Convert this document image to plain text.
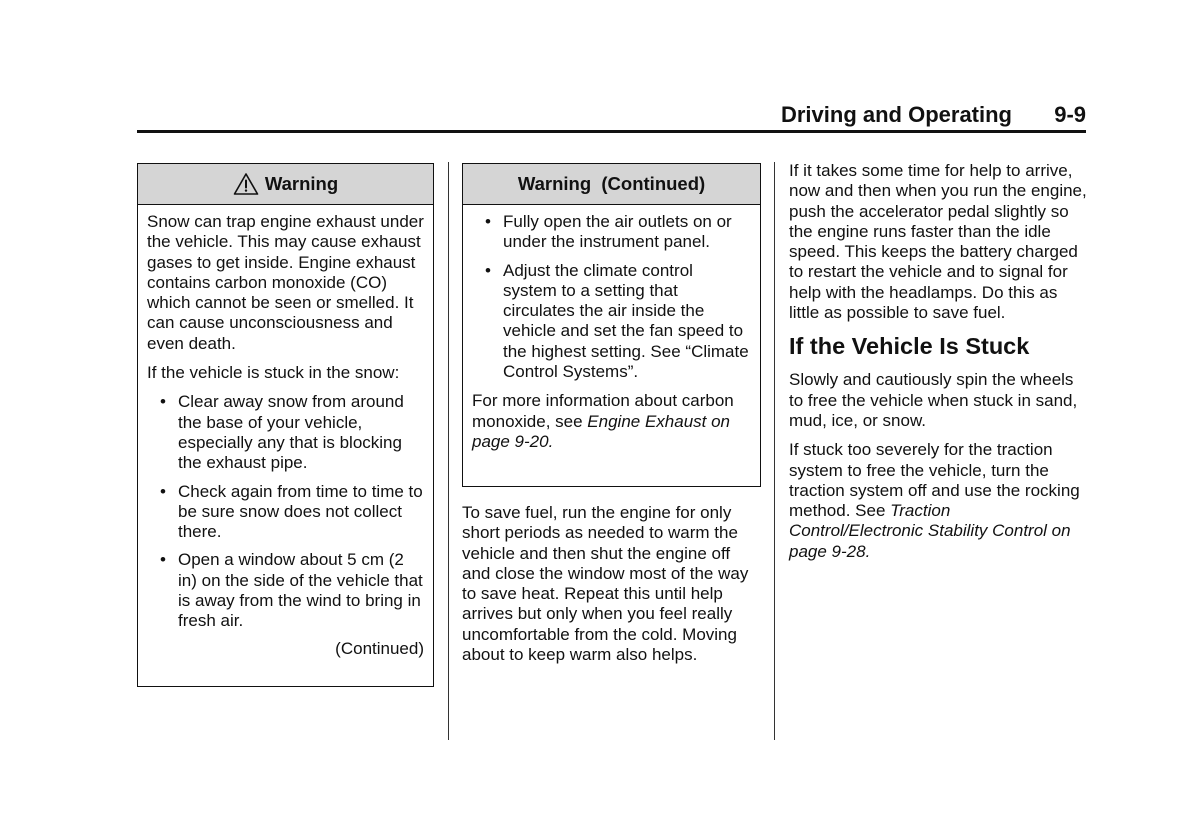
Driving and Operating 9-9
Warning

Snow can trap engine exhaust under the vehicle. This may cause exhaust gases to get inside. Engine exhaust contains carbon monoxide (CO) which cannot be seen or smelled. It can cause unconsciousness and even death.

If the vehicle is stuck in the snow:

• Clear away snow from around the base of your vehicle, especially any that is blocking the exhaust pipe.
• Check again from time to time to be sure snow does not collect there.
• Open a window about 5 cm (2 in) on the side of the vehicle that is away from the wind to bring in fresh air.
(Continued)
Warning  (Continued)
• Fully open the air outlets on or under the instrument panel.
• Adjust the climate control system to a setting that circulates the air inside the vehicle and set the fan speed to the highest setting. See “Climate Control Systems”.

For more information about carbon monoxide, see Engine Exhaust on page 9-20.

To save fuel, run the engine for only short periods as needed to warm the vehicle and then shut the engine off and close the window most of the way to save heat. Repeat this until help arrives but only when you feel really uncomfortable from the cold. Moving about to keep warm also helps.

If it takes some time for help to arrive, now and then when you run the engine, push the accelerator pedal slightly so the engine runs faster than the idle speed. This keeps the battery charged to restart the vehicle and to signal for help with the headlamps. Do this as little as possible to save fuel.

If the Vehicle Is Stuck

Slowly and cautiously spin the wheels to free the vehicle when stuck in sand, mud, ice, or snow.

If stuck too severely for the traction system to free the vehicle, turn the traction system off and use the rocking method. See Traction Control/Electronic Stability Control on page 9-28.
